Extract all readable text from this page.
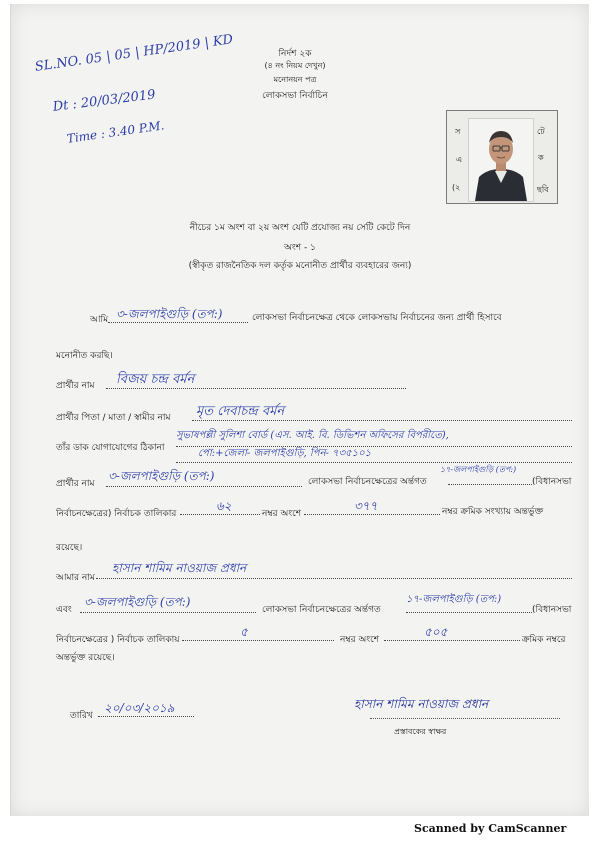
SL.NO. 05 | 05 | HP/2019 | KD
Dt : 20/03/2019
Time : 3.40 P.M.
নির্দশ ২ক
(৪ নং নিয়ম দেখুন)
মনোনয়ন পত্র
লোকসভা নির্বাচিন
স
এ
(২
টে
ক
ছবি
নীচের ১ম অংশ বা ২য় অংশ যেটি প্রযোজ্য নয় সেটি কেটে দিন
অংশ - ১
(স্বীকৃত রাজনৈতিক দল কর্তৃক মনোনীত প্রার্থীর ব্যবহারের জন্য)
আমি ৩-জলপাইগুড়ি (তপ:)	লোকসভা নির্বাচনক্ষেত্র থেকে লোকসভায় নির্বাচনের জন্য প্রার্থী হিসাবে
মনোনীত করছি।
প্রার্থীর নাম বিজয় চন্দ্র বর্মন
প্রার্থীর পিতা / মাতা / স্বামীর নাম মৃত দেবাচন্দ্র বর্মন
তাঁর ডাক যোগাযোগের ঠিকানা
সুভাষপল্লী সুলিশা বোর্ড (এস. আই. বি. ডিভিশন অফিসের বিপরীতে),
পো:+জেলা- জলপাইগুড়ি, পিন- ৭৩৫১০১
প্রার্থীর নাম
৩-জলপাইগুড়ি (তপ:)	লোকসভা নির্বাচনক্ষেত্রের অর্ন্তগত
১৭-জলপাইগুড়ি (তপ:)
(বিধানসভা
নির্বাচনক্ষেত্রের) নির্বাচক তালিকার
৬২
নম্বর অংশে
৩৭৭	নম্বর ক্রমিক সংখ্যায় অন্তর্ভুক্ত
রয়েছে।
আমার নাম
হাসান শামিম নাওয়াজ প্রধান
এবং
৩-জলপাইগুড়ি (তপ:)
লোকসভা নির্বাচনক্ষেত্রের অর্ন্তগত
১৭-জলপাইগুড়ি (তপ:)
(বিধানসভা
নির্বাচনক্ষেত্রের ) নির্বাচক তালিকায়
৫
নম্বর অংশে
৫০৫
ক্রমিক নম্বরে
অন্তর্ভুক্ত রয়েছে।
তারিখ
২০/০৩/২০১৯	হাসান শামিম নাওয়াজ প্রধান
প্রস্তাবকের স্বাক্ষর
Scanned by CamScanner
